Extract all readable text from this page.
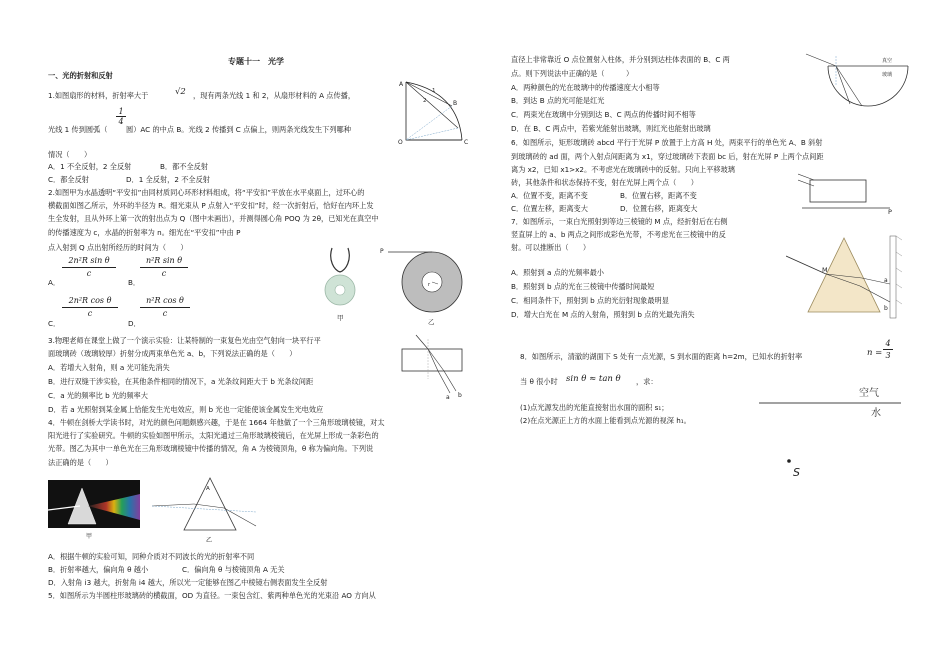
专题十一　光学
一、光的折射和反射
1.如图扇形的材料，折射率大于	√2 ，现有两条光线 1 和 2，从扇形材料的 A 点传播，
$\frac{1}{4}$
光线 1 传到圆弧（	圆）AC 的中点 B。光线 2 传播到 C 点偏上，则两条光线发生下列哪种
情况（　　）
A．1 不全反射，2 全反射	B．都不全反射
C．都全反射	D．1 全反射，2 不全反射
A
B
C
O
1
2
2.如图甲为水晶透明“平安扣”由同材质同心环形材料组成，将“平安扣”平放在水平桌面上，过环心的
横截面如图乙所示，外环的半径为 R。细光束从 P 点射入“平安扣”时，经一次折射后，恰好在内环上发
生全发射，且从外环上第一次的射出点为 Q（图中未画出），并测得圆心角 POQ 为 2θ，已知光在真空中
的传播速度为 c，水晶的折射率为 n。细光在“平安扣”中由 P
点入射到 Q 点出射所经历的时间为（　　）
A．
$\frac{\text{2n²R sin θ}}{c}$
B．
$\frac{\text{n²R sin θ}}{c}$
C．
$\frac{\text{2n²R cos θ}}{c}$
D．
$\frac{\text{n²R cos θ}}{c}$	甲
P
r
乙
3.物理老师在课堂上做了一个演示实验：让某特制的一束复色光由空气射向一块平行平
面玻璃砖（玻璃较厚）折射分成两束单色光 a、b，下列说法正确的是（　　）
A．若增大入射角，则 a 光可能先消失
B．进行双缝干涉实验，在其他条件相同的情况下，a 光条纹间距大于 b 光条纹间距
C．a 光的频率比 b 光的频率大
D．若 a 光照射到某金属上恰能发生光电效应，则 b 光也一定能使该金属发生光电效应
a b
4．牛顿在剑桥大学读书时，对光的颜色问题颇感兴趣，于是在 1664 年他做了一个三角形玻璃棱镜，对太
阳光进行了实验研究。牛顿的实验如图甲所示，太阳光通过三角形玻璃棱镜后，在光屏上形成一条彩色的
光带。图乙为其中一单色光在三角形玻璃棱镜中传播的情况，角 A 为棱镜顶角，θ 称为偏向角。下列说
法正确的是（　　）
甲
A
乙
A．根据牛顿的实验可知，同种介质对不同波长的光的折射率不同
B．折射率越大，偏向角 θ 越小	C．偏向角 θ 与棱镜顶角 A 无关
D．入射角 i3 越大，折射角 i4 越大，所以光一定能够在图乙中棱镜右侧表面发生全反射
5．如图所示为半圆柱形玻璃砖的横截面，OD 为直径。一束包含红、紫两种单色光的光束沿 AO 方向从
直径上非常靠近 O 点位置射入柱体，并分别到达柱体表面的 B、C 两
点。则下列说法中正确的是（　　　）
A．两种颜色的光在玻璃中的传播速度大小相等
B．到达 B 点的光可能是红光
C．两束光在玻璃中分别到达 B、C 两点的传播时间不相等
D．在 B、C 两点中，若紫光能射出玻璃，则红光也能射出玻璃
真空
玻璃
6．如图所示，矩形玻璃砖 abcd 平行于光屏 P 放置于上方高 H 处，两束平行的单色光 A、B 斜射
到玻璃砖的 ad 面，两个入射点间距离为 x1，穿过玻璃砖下表面 bc 后，射在光屏 P 上两个点间距
离为 x2，已知 x1>x2。不考虑光在玻璃砖中的反射。只向上平移玻璃
砖，其他条件和状态保持不变，射在光屏上两个点（　　）
A．位置不变，距离不变	B．位置右移，距离不变
C．位置左移，距离变大	D．位置右移，距离变大	P
7．如图所示，一束白光照射到等边三棱镜的 M 点，经折射后在右侧
竖直屏上的 a、b 两点之间形成彩色光带，不考虑光在三棱镜中的反
射。可以推断出（　　）
A．照射到 a 点的光频率最小
B．照射到 b 点的光在三棱镜中传播时间最短
C．相同条件下，照射到 b 点的光衍射现象最明显
D．增大白光在 M 点的入射角，照射到 b 点的光最先消失
M
a
b
8．如图所示，清澈的湖面下 S 处有一点光源，S 到水面的距离 h=2m，已知水的折射率	$n = \frac{4}{3}$
当 θ 很小时 sin θ ≈ tan θ ，求：
(1)点光源发出的光能直接射出水面的面积 s₁；
(2)在点光源正上方的水面上能看到点光源的视深 h₁。
空气
水
S
